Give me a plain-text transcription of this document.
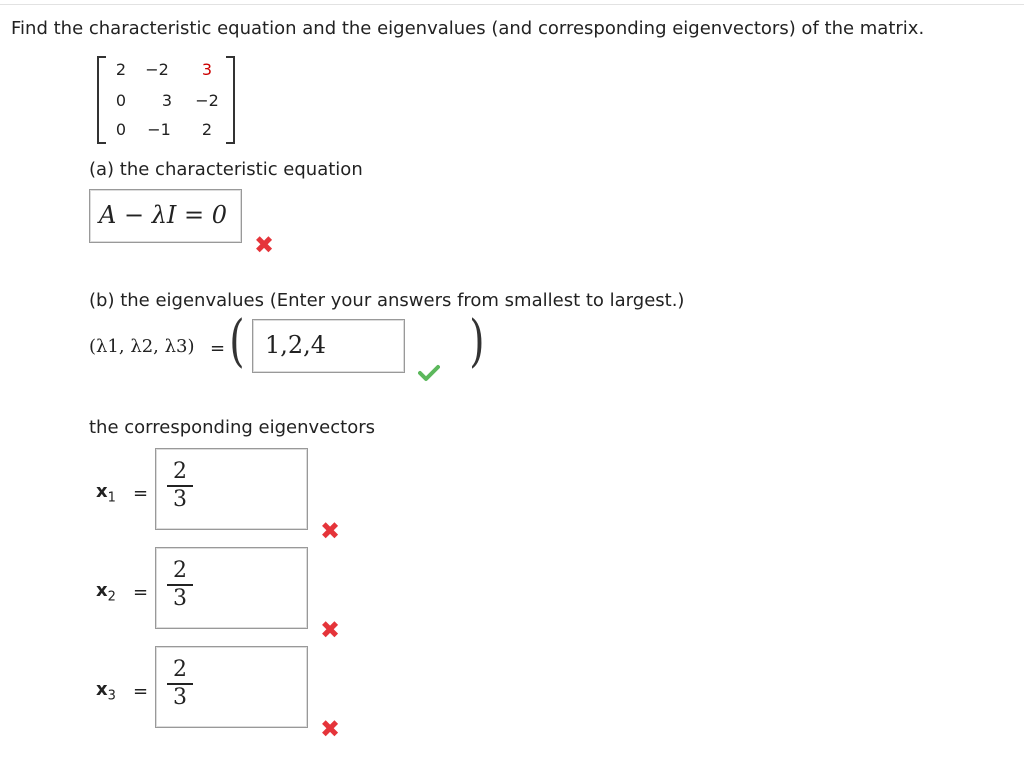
Find the characteristic equation and the eigenvalues (and corresponding eigenvectors) of the matrix.
2	−2	3
0	3	−2
0	−1	2
(a) the characteristic equation
A − λI = 0
✖
(b) the eigenvalues (Enter your answers from smallest to largest.)
(λ1, λ2, λ3) = ( 1,2,4	)
the corresponding eigenvectors
$x_1$ =
2
3
✖
$x_2$ =
2
3
✖
$x_3$ =
2
3
✖
